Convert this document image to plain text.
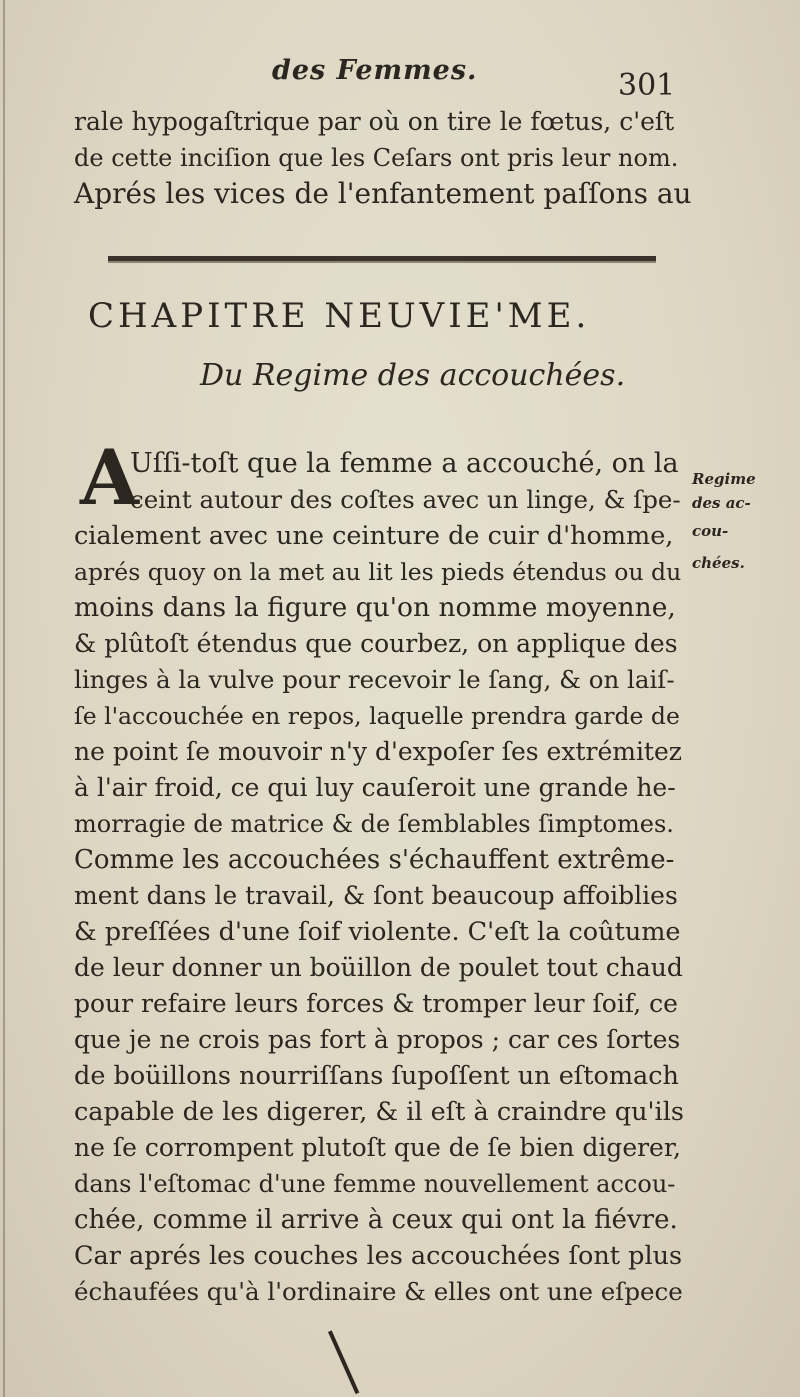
des Femmes.	301
rale hypogaſtrique par où on tire le fœtus, c'eſt
de cette inciſion que les Ceſars ont pris leur nom.
Aprés les vices de l'enfantement paſſons au
CHAPITRE NEUVIE'ME.
Du Regime des accouchées.
A
Uſſi-toſt que la femme a accouché, on la
ceint autour des coſtes avec un linge, & ſpe-
cialement avec une ceinture de cuir d'homme,
aprés quoy on la met au lit les pieds étendus ou du
moins dans la figure qu'on nomme moyenne,
& plûtoſt étendus que courbez, on applique des
linges à la vulve pour recevoir le ſang, & on laiſ-
ſe l'accouchée en repos, laquelle prendra garde de
ne point ſe mouvoir n'y d'expoſer ſes extrémitez
à l'air froid, ce qui luy cauſeroit une grande he-
morragie de matrice & de ſemblables ſimptomes.
Comme les accouchées s'échauffent extrême-
ment dans le travail, & ſont beaucoup affoiblies
& preſſées d'une ſoif violente. C'eſt la coûtume
de leur donner un boüillon de poulet tout chaud
pour refaire leurs forces & tromper leur ſoif, ce
que je ne crois pas fort à propos ; car ces ſortes
de boüillons nourriſſans ſupoſſent un eſtomach
capable de les digerer, & il eſt à craindre qu'ils
ne ſe corrompent plutoſt que de ſe bien digerer,
dans l'eſtomac d'une femme nouvellement accou-
chée, comme il arrive à ceux qui ont la fiévre.
Car aprés les couches les accouchées ſont plus
échaufées qu'à l'ordinaire & elles ont une eſpece
Regime
des ac-
cou-
chées.
